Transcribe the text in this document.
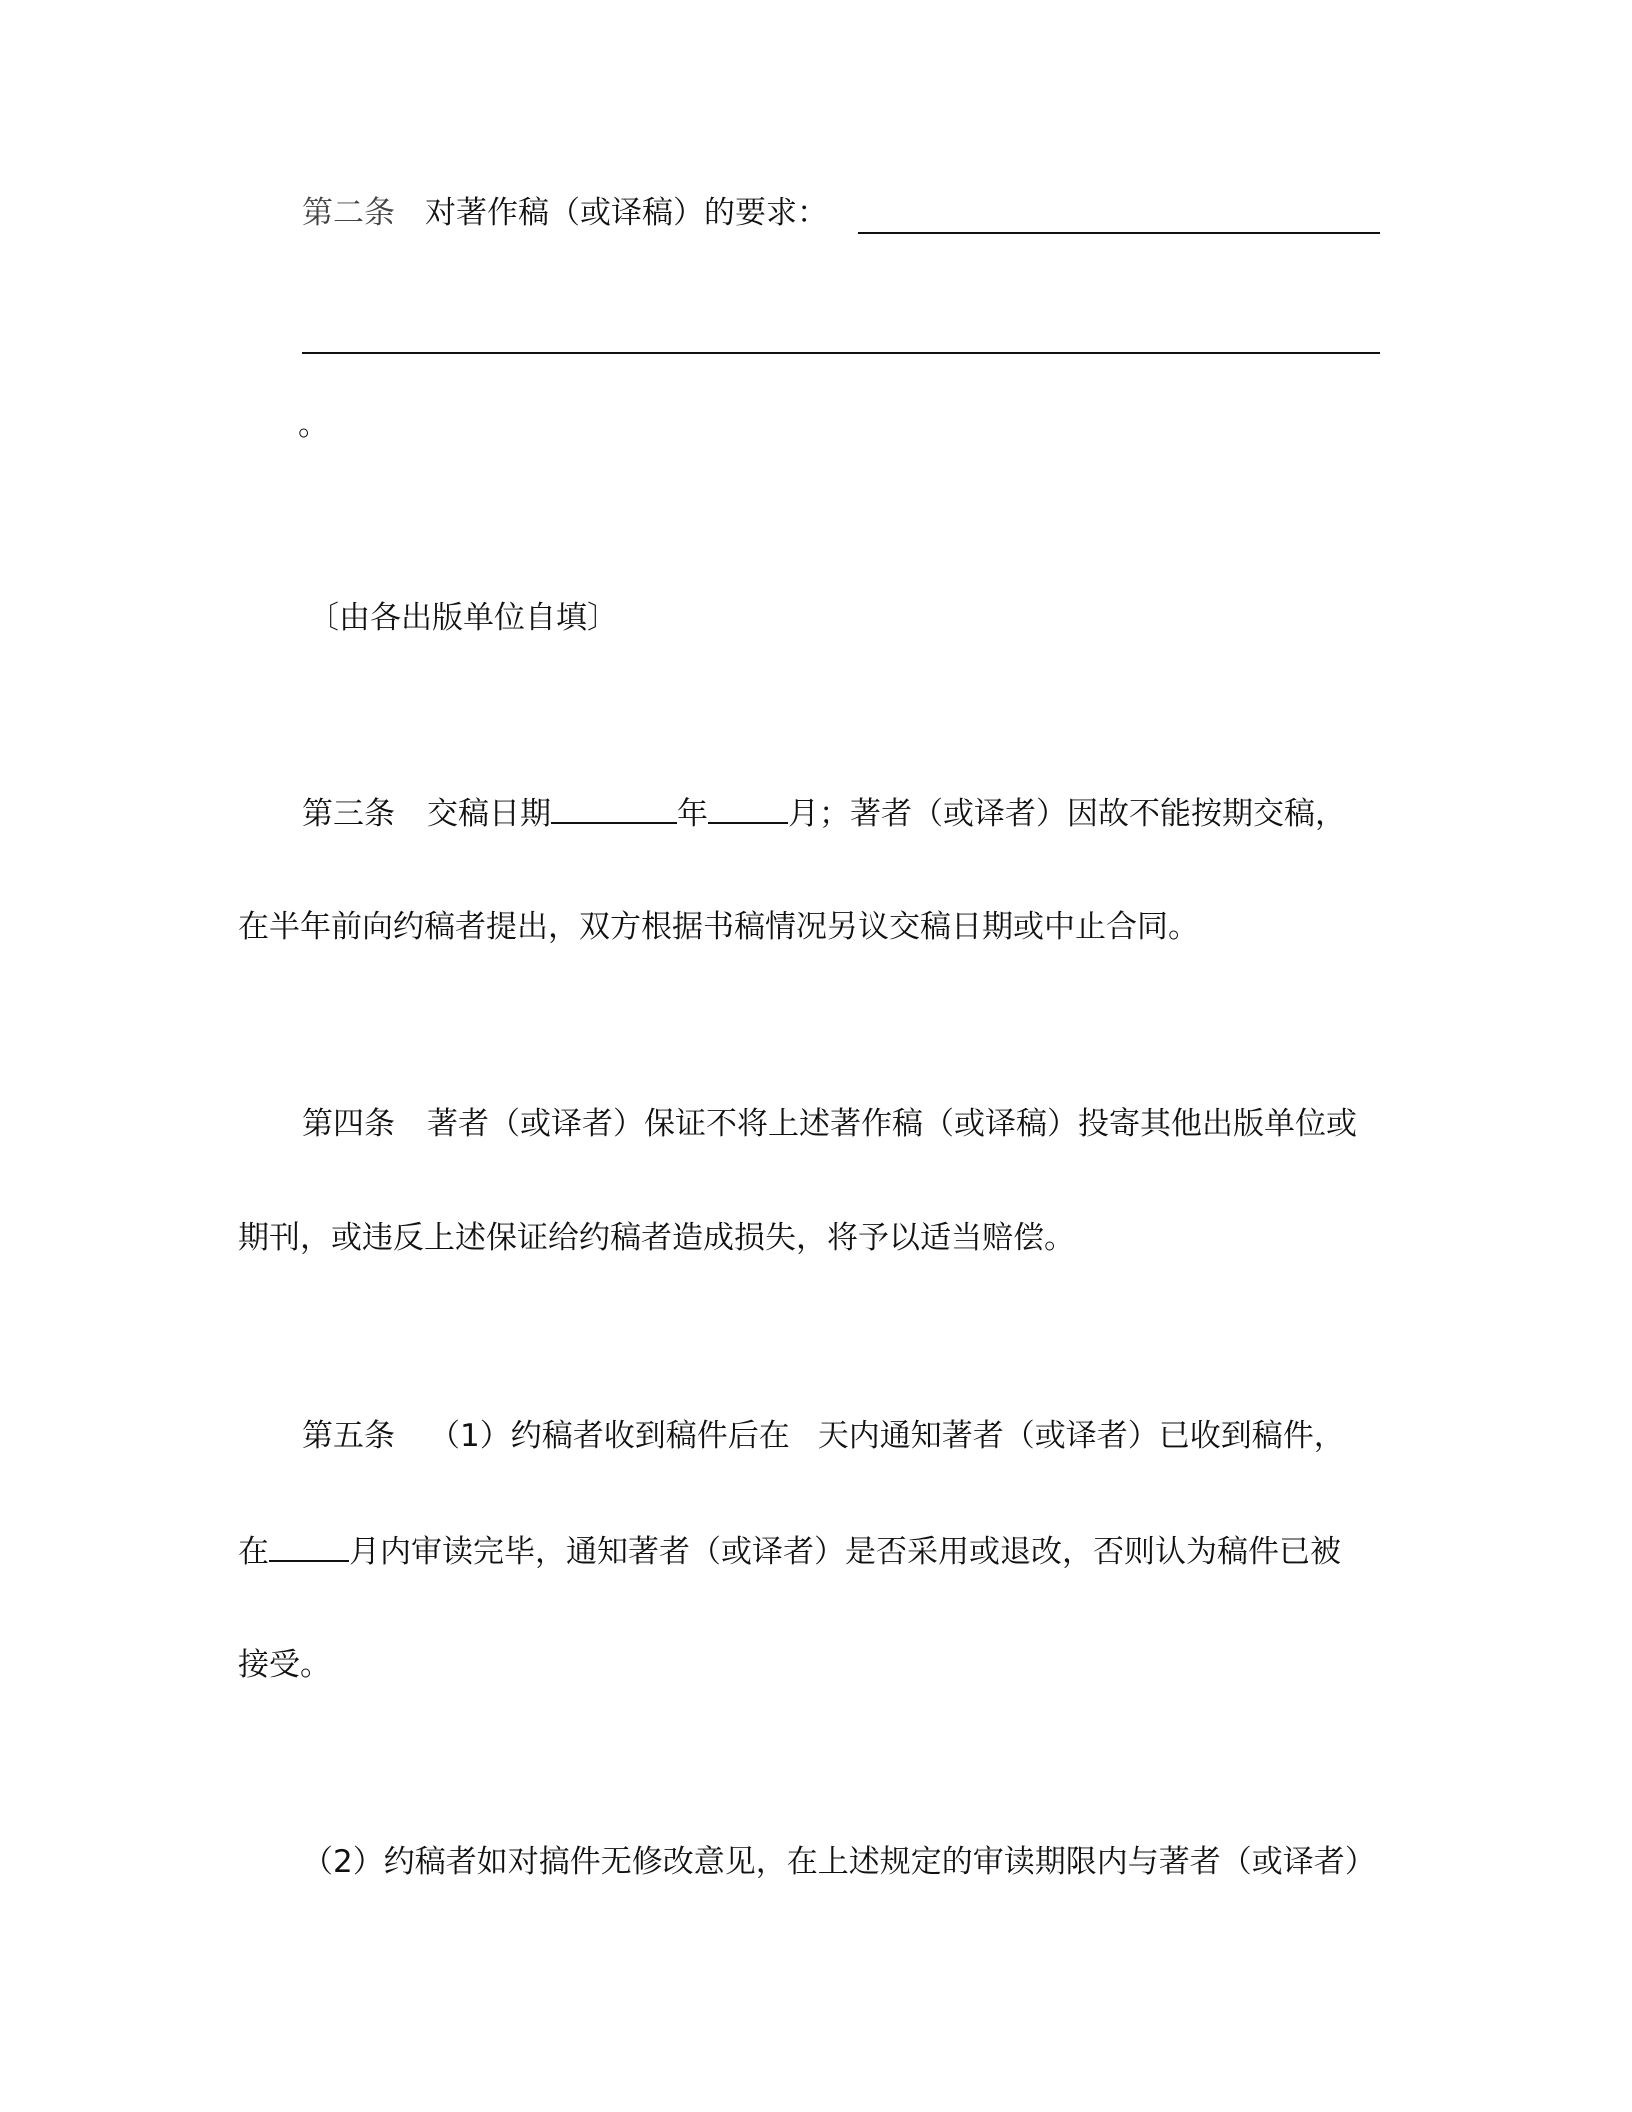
第二条 对著作稿（或译稿）的要求：
。
〔由各出版单位自填〕
第三条 交稿日期	年	月；著者（或译者）因故不能按期交稿，
在半年前向约稿者提出，双方根据书稿情况另议交稿日期或中止合同。
第四条 著者（或译者）保证不将上述著作稿（或译稿）投寄其他出版单位或
期刊，或违反上述保证给约稿者造成损失，将予以适当赔偿。
第五条 （1）约稿者收到稿件后在 天内通知著者（或译者）已收到稿件，
在	月内审读完毕，通知著者（或译者）是否采用或退改，否则认为稿件已被
接受。
（2）约稿者如对搞件无修改意见，在上述规定的审读期限内与著者（或译者）
